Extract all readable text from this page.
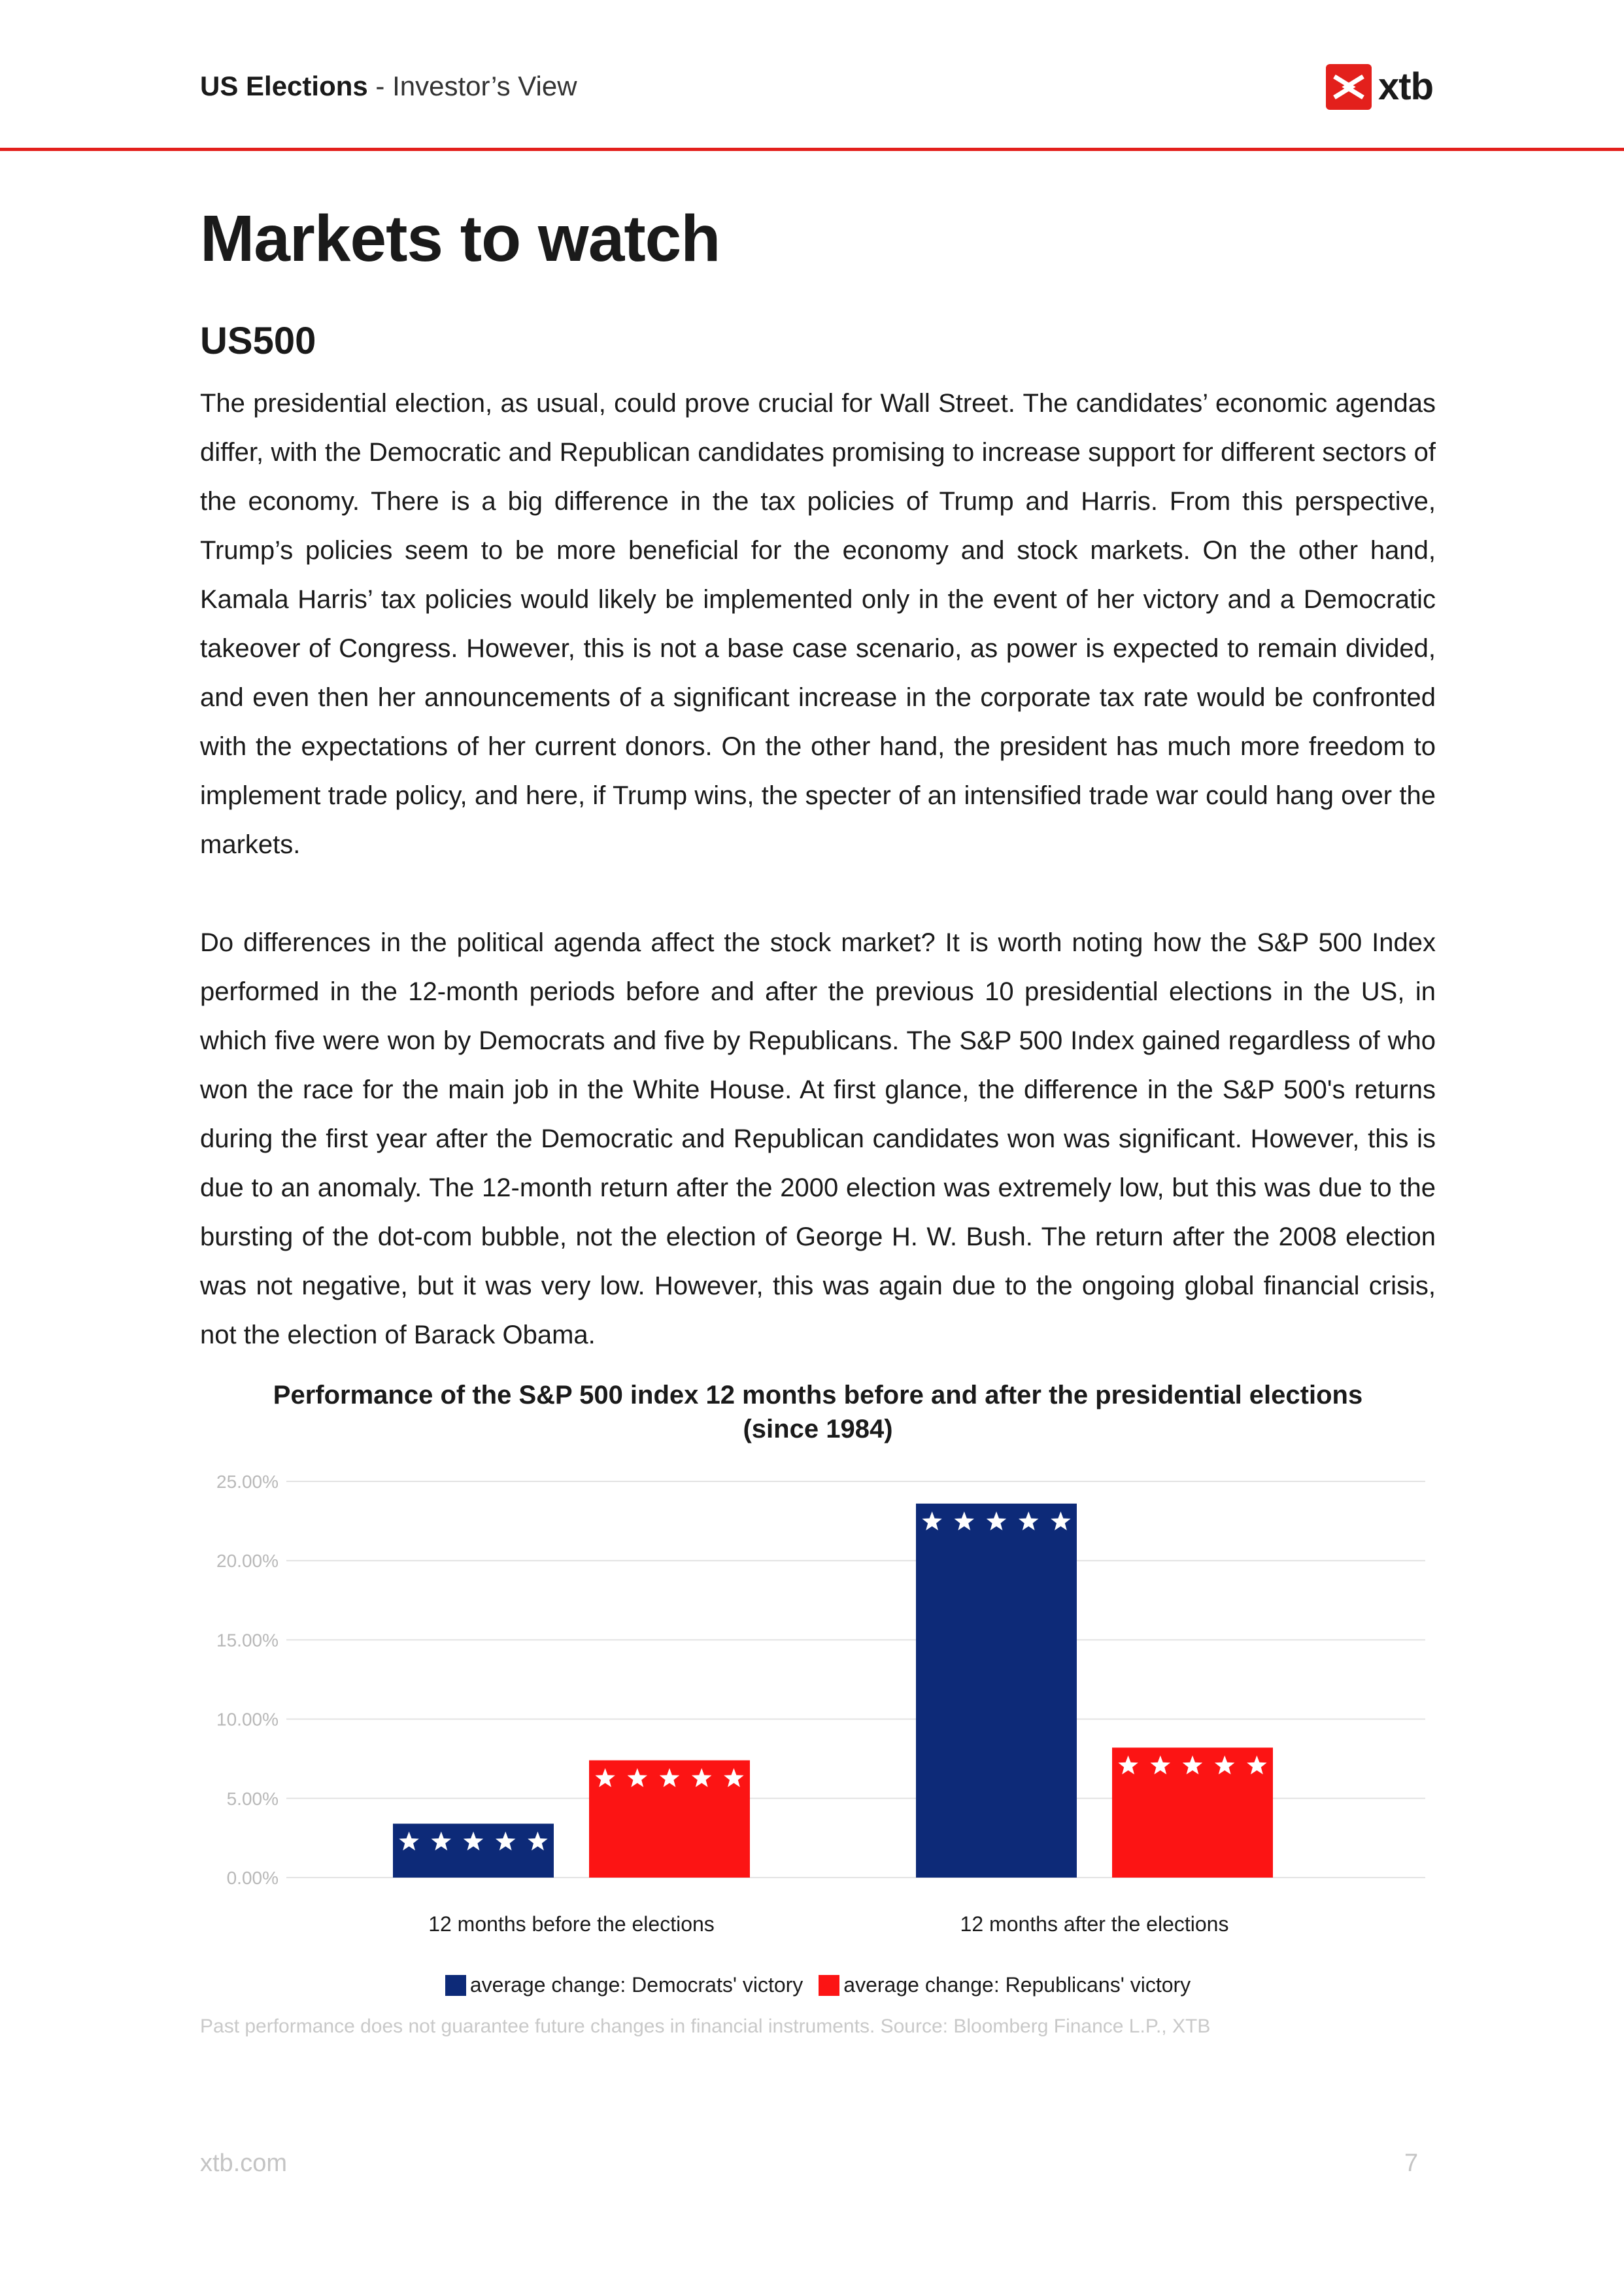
US Elections - Investor’s View	xtb
Markets to watch
US500

The presidential election, as usual, could prove crucial for Wall Street. The candidates’ economic agendas differ, with the Democratic and Republican candidates promising to increase support for different sectors of the economy. There is a big difference in the tax policies of Trump and Harris. From this perspective, Trump’s policies seem to be more beneficial for the economy and stock markets. On the other hand, Kamala Harris’ tax policies would likely be implemented only in the event of her victory and a Democratic takeover of Congress. However, this is not a base case scenario, as power is expected to remain divided, and even then her announcements of a significant increase in the corporate tax rate would be confronted with the expectations of her current donors. On the other hand, the president has much more freedom to implement trade policy, and here, if Trump wins, the specter of an intensified trade war could hang over the markets.

Do differences in the political agenda affect the stock market? It is worth noting how the S&P 500 Index performed in the 12-month periods before and after the previous 10 presidential elections in the US, in which five were won by Democrats and five by Republicans. The S&P 500 Index gained regardless of who won the race for the main job in the White House. At first glance, the difference in the S&P 500's returns during the first year after the Democratic and Republican candidates won was significant. However, this is due to an anomaly. The 12-month return after the 2000 election was extremely low, but this was due to the bursting of the dot-com bubble, not the election of George H. W. Bush. The return after the 2008 election was not negative, but it was very low. However, this was again due to the ongoing global financial crisis, not the election of Barack Obama.

Performance of the S&P 500 index 12 months before and after the presidential elections
(since 1984)
0.00%
5.00%
10.00%
15.00%
20.00%
25.00%
12 months before the elections	12 months after the elections
average change: Democrats' victory average change: Republicans' victory

Past performance does not guarantee future changes in financial instruments. Source: Bloomberg Finance L.P., XTB

xtb.com	7
